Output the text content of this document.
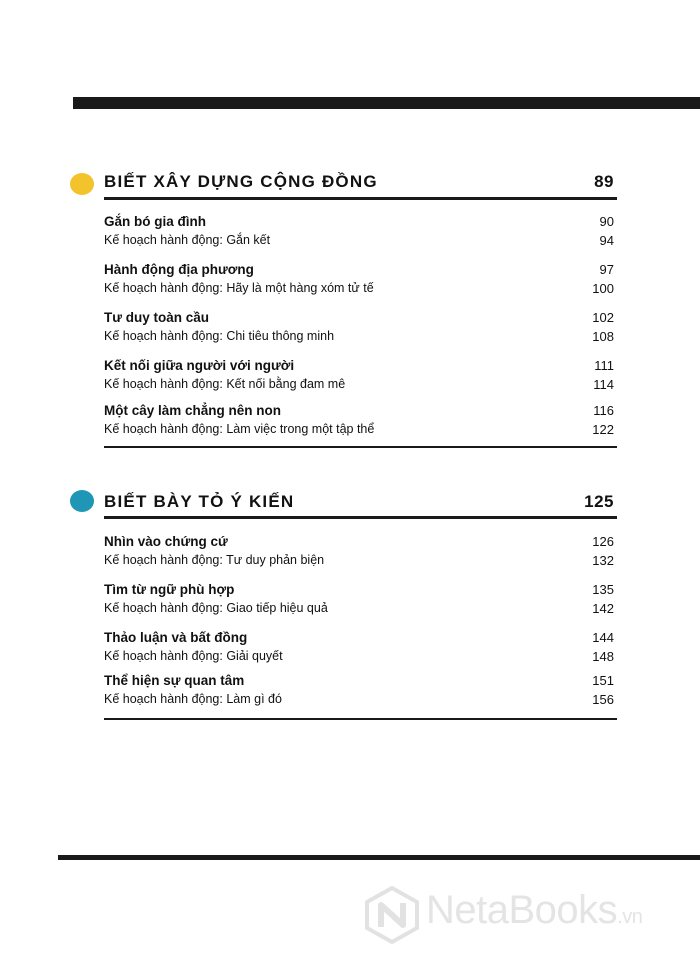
BIẾT XÂY DỰNG CỘNG ĐỒNG	89
Gắn bó gia đình	90
Kế hoạch hành động: Gắn kết	94
Hành động địa phương	97
Kế hoạch hành động: Hãy là một hàng xóm tử tế	100
Tư duy toàn cầu	102
Kế hoạch hành động: Chi tiêu thông minh	108
Kết nối giữa người với người	111
Kế hoạch hành động: Kết nối bằng đam mê	114
Một cây làm chẳng nên non	116
Kế hoạch hành động: Làm việc trong một tập thể	122
BIẾT BÀY TỎ Ý KIẾN	125
Nhìn vào chứng cứ	126
Kế hoạch hành động: Tư duy phản biện	132
Tìm từ ngữ phù hợp	135
Kế hoạch hành động: Giao tiếp hiệu quả	142
Thảo luận và bất đồng	144
Kế hoạch hành động: Giải quyết	148
Thể hiện sự quan tâm	151
Kế hoạch hành động: Làm gì đó	156
NetaBooks.vn
